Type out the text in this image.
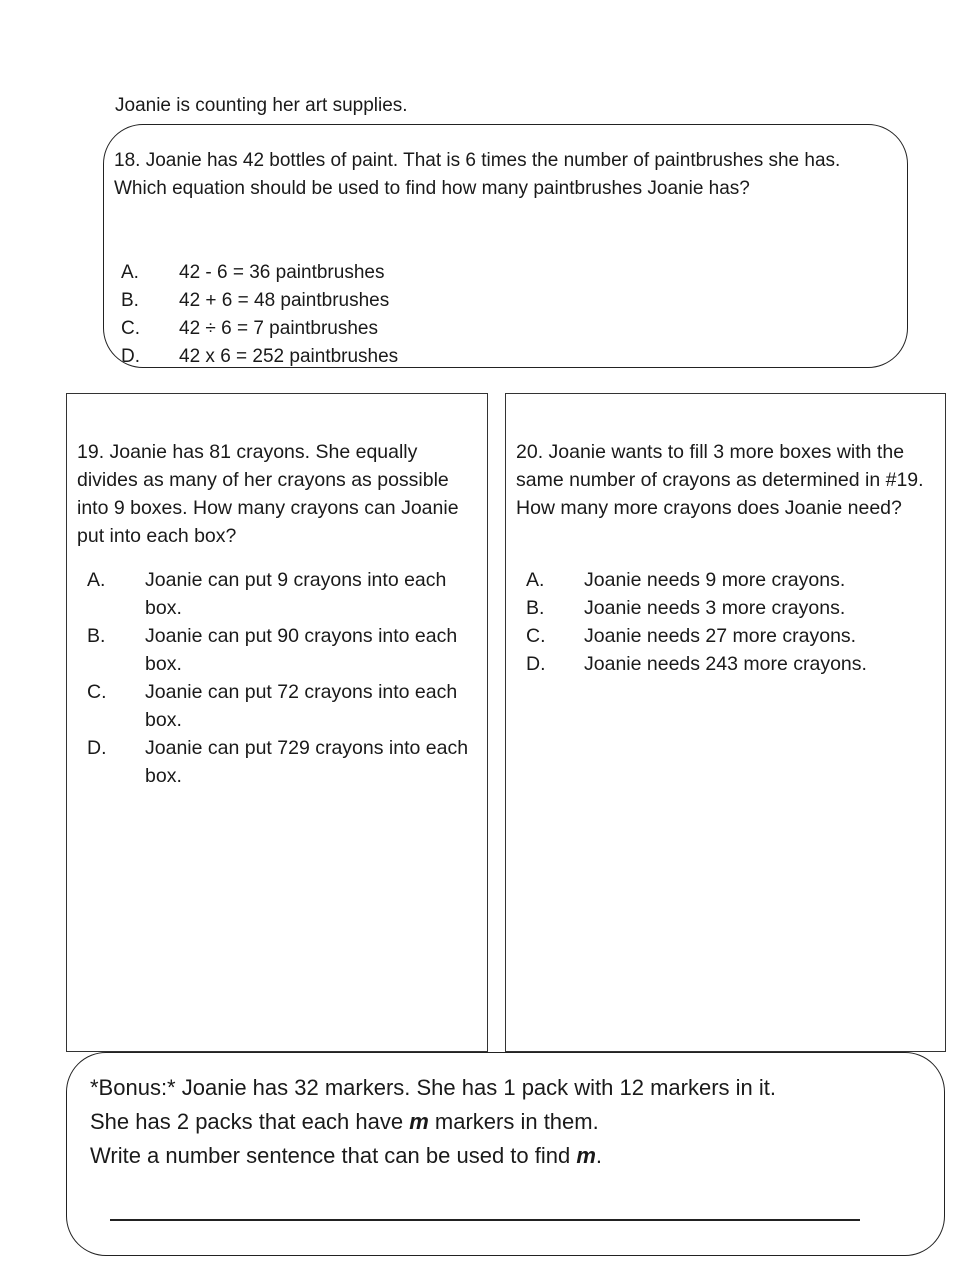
Joanie is counting her art supplies.
18. Joanie has 42 bottles of paint. That is 6 times the number of paintbrushes she has. Which equation should be used to find how many paintbrushes Joanie has?
A.	42 - 6 = 36 paintbrushes
B.	42 + 6 = 48 paintbrushes
C.	42 ÷ 6 = 7 paintbrushes
D.	42 x 6 = 252 paintbrushes
19. Joanie has 81 crayons. She equally divides as many of her crayons as possible into 9 boxes. How many crayons can Joanie put into each box?
A.	Joanie can put 9 crayons into each box.
B.	Joanie can put 90 crayons into each box.
C.	Joanie can put 72 crayons into each box.
D.	Joanie can put 729 crayons into each box.
20. Joanie wants to fill 3 more boxes with the same number of crayons as determined in #19. How many more crayons does Joanie need?
A.	Joanie needs 9 more crayons.
B.	Joanie needs 3 more crayons.
C.	Joanie needs 27 more crayons.
D.	Joanie needs 243 more crayons.
*Bonus:* Joanie has 32 markers. She has 1 pack with 12 markers in it.
She has 2 packs that each have m markers in them.
Write a number sentence that can be used to find m.
